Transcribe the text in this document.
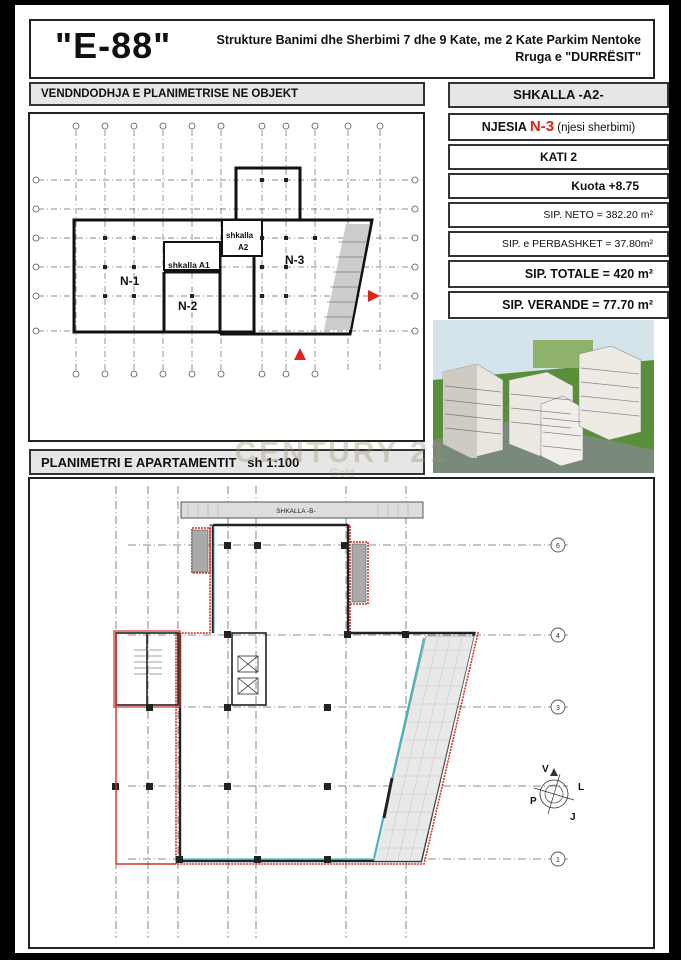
"E-88"	Strukture Banimi dhe Sherbimi 7 dhe 9 Kate, me 2 Kate Parkim Nentoke
Rruga e "DURRËSIT"
VENDNDODHJA E PLANIMETRISE NE OBJEKT	SHKALLA -A2-
NJESIA N-3 (njesi sherbimi)
KATI 2
Kuota +8.75
SIP. NETO = 382.20 m²
SIP. e PERBASHKET = 37.80m²
SIP. TOTALE = 420 m²
SIP. VERANDE = 77.70 m²
PLANIMETRI E APARTAMENTIT   sh 1:100
N-1
N-2
N-3
shkalla A1
shkalla
A2
CENTURY 21
Gold
6
4
3
1
SHKALLA -B-
V
L
J
P
